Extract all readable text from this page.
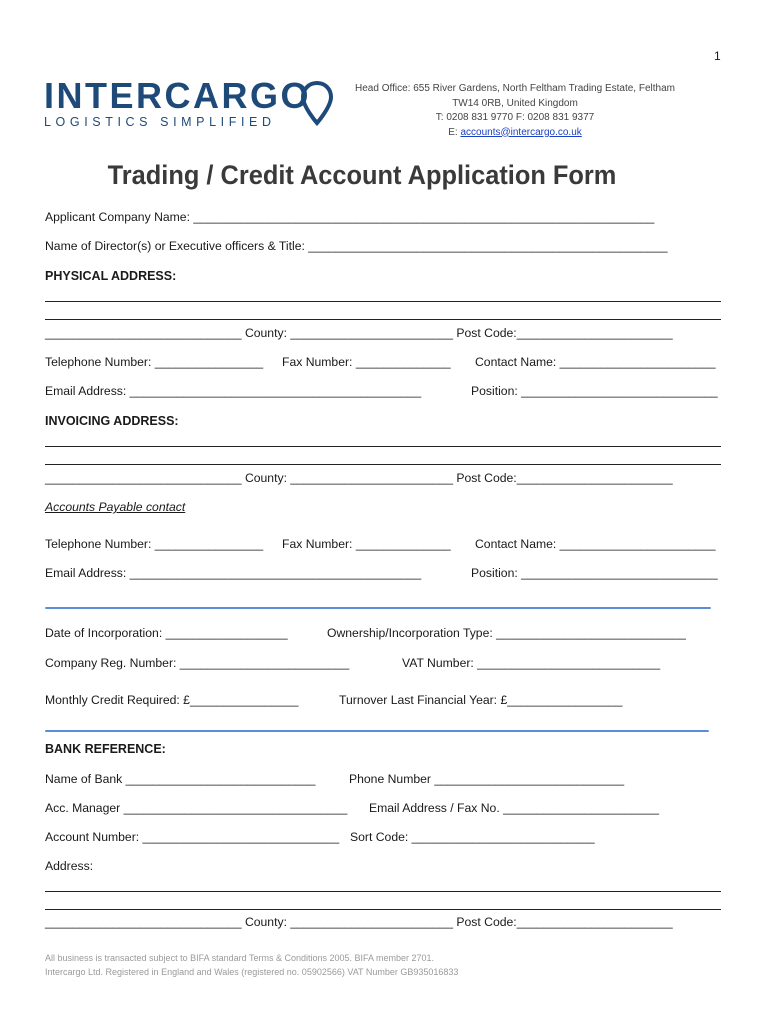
1
INTERCARGO
LOGISTICS SIMPLIFIED
Head Office: 655 River Gardens, North Feltham Trading Estate, Feltham
TW14 0RB, United Kingdom
T: 0208 831 9770 F: 0208 831 9377
E: accounts@intercargo.co.uk
Trading / Credit Account Application Form
Applicant Company Name: ____________________________________________________________________
Name of Director(s) or Executive officers & Title: _____________________________________________________
PHYSICAL ADDRESS:
_____________________________ County: ________________________ Post Code:_______________________
Telephone Number: ________________ Fax Number: ______________ Contact Name: _______________________
Email Address: ___________________________________________	Position: _____________________________
INVOICING ADDRESS:
_____________________________ County: ________________________ Post Code:_______________________
Accounts Payable contact
Telephone Number: ________________ Fax Number: ______________ Contact Name: _______________________
Email Address: ___________________________________________	Position: _____________________________
Date of Incorporation: __________________	Ownership/Incorporation Type: ____________________________
Company Reg. Number: _________________________	VAT Number: ___________________________
Monthly Credit Required: £________________	Turnover Last Financial Year: £_________________
BANK REFERENCE:
Name of Bank ____________________________	Phone Number ____________________________
Acc. Manager _________________________________ Email Address / Fax No. _______________________
Account Number: _____________________________ Sort Code: ___________________________
Address:
_____________________________ County: ________________________ Post Code:_______________________
All business is transacted subject to BIFA standard Terms & Conditions 2005. BIFA member 2701.
Intercargo Ltd. Registered in England and Wales (registered no. 05902566) VAT Number GB935016833
